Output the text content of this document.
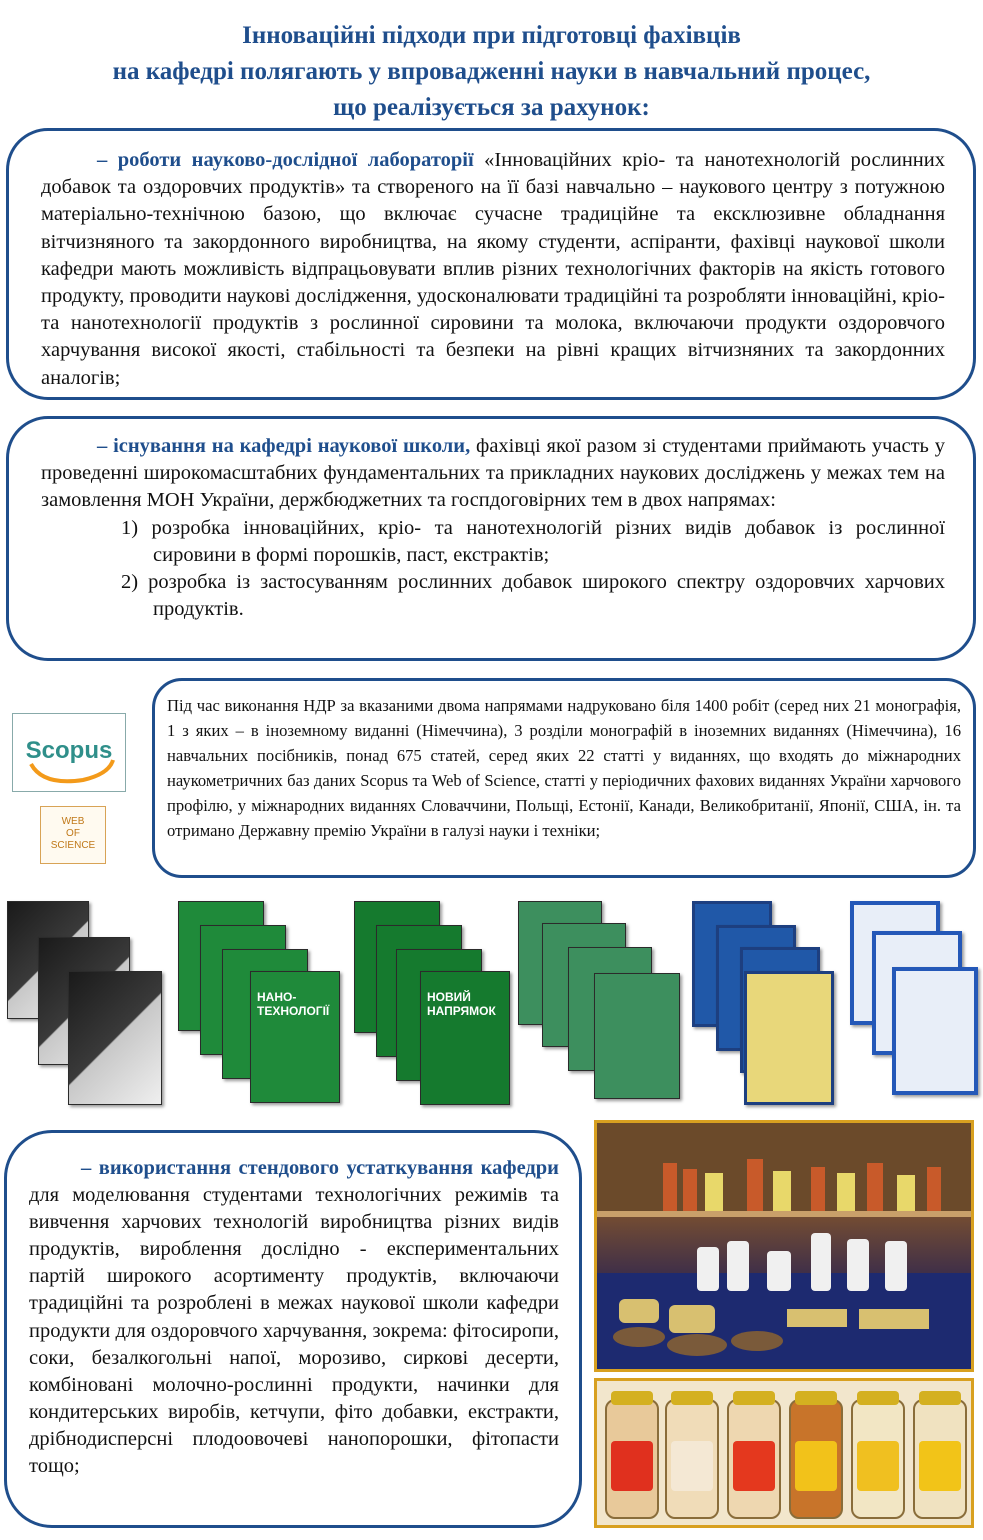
Інноваційні підходи при підготовці фахівців
на кафедрі полягають у впровадженні науки в навчальний процес,
що реалізується за рахунок:

– роботи науково-дослідної лабораторії «Інноваційних кріо- та нанотехнологій рослинних добавок та оздоровчих продуктів» та створеного на її базі навчально – наукового центру з потужною матеріально-технічною базою, що включає сучасне традиційне та ексклюзивне обладнання вітчизняного та закордонного виробництва, на якому студенти, аспіранти, фахівці наукової школи кафедри мають можливість відпрацьовувати вплив різних технологічних факторів на якість готового продукту, проводити наукові дослідження, удосконалювати традиційні та розробляти інноваційні, кріо- та нанотехнології продуктів з рослинної сировини та молока, включаючи продукти оздоровчого харчування високої якості, стабільності та безпеки на рівні кращих вітчизняних та закордонних аналогів;

– існування на кафедрі наукової школи, фахівці якої разом зі студентами приймають участь у проведенні широкомасштабних фундаментальних та прикладних наукових досліджень у межах тем на замовлення МОН України, держбюджетних та госпдоговірних тем в двох напрямах:

1) розробка інноваційних, кріо- та нанотехнологій різних видів добавок із рослинної сировини в формі порошків, паст, екстрактів;
2) розробка із застосуванням рослинних добавок широкого спектру оздоровчих харчових продуктів.
Scopus
WEB
OF
SCIENCE

Під час виконання НДР за вказаними двома напрямами надруковано біля 1400 робіт (серед них 21 монографія, 1 з яких – в іноземному виданні (Німеччина), 3 розділи монографій в іноземних виданнях (Німеччина), 16 навчальних посібників, понад 675 статей, серед яких 22 статті у виданнях, що входять до міжнародних наукометричних баз даних Scopus та Web of Science, статті у періодичних фахових виданнях України харчового профілю, у міжнародних виданнях Словаччини, Польщі, Естонії, Канади, Великобританії, Японії, США, ін. та отримано Державну премію України в галузі науки і техніки;

НАНО-ТЕХНОЛОГІЇ
НОВИЙ НАПРЯМОК

– використання стендового устаткування кафедри для моделювання студентами технологічних режимів та вивчення харчових технологій виробництва різних видів продуктів, вироблення дослідно - експериментальних партій широкого асортименту продуктів, включаючи традиційні та розроблені в межах наукової школи кафедри продукти для оздоровчого харчування, зокрема: фітосиропи, соки, безалкогольні напої, морозиво, сиркові десерти, комбіновані молочно-рослинні продукти, начинки для кондитерських виробів, кетчупи, фіто добавки, екстракти, дрібнодисперсні плодоовочеві нанопорошки, фітопасти тощо;
